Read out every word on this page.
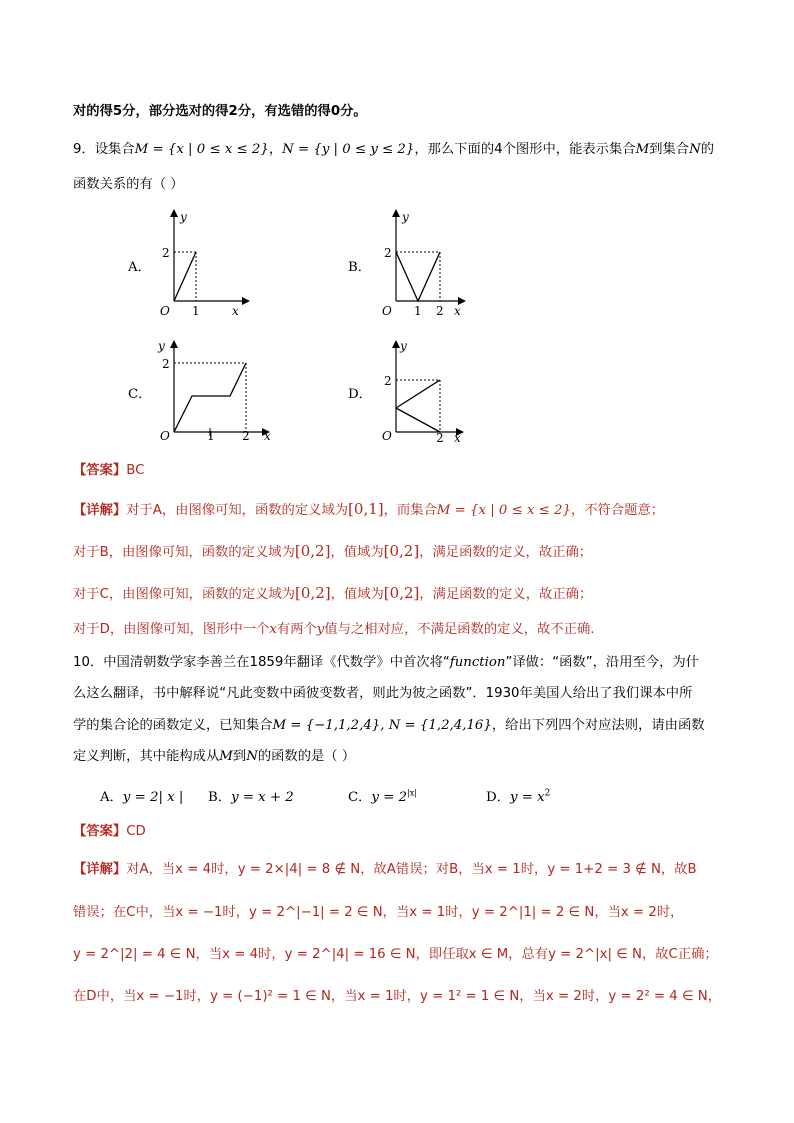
对的得5分，部分选对的得2分，有选错的得0分。
9．设集合M = {x | 0 ≤ x ≤ 2}，N = {y | 0 ≤ y ≤ 2}，那么下面的4个图形中，能表示集合M到集合N的
函数关系的有（ ）
A．
y
2
O 1	x
B．
y
2
O 1 2 x
C．
y
2
O	1 2 x
D．
y
2
O	2 x
【答案】BC
【详解】对于A，由图像可知，函数的定义域为[0,1]，而集合M = {x | 0 ≤ x ≤ 2}，不符合题意；
对于B，由图像可知，函数的定义域为[0,2]，值域为[0,2]，满足函数的定义，故正确；
对于C，由图像可知，函数的定义域为[0,2]，值域为[0,2]，满足函数的定义，故正确；
对于D，由图像可知，图形中一个x有两个y值与之相对应，不满足函数的定义，故不正确.
10．中国清朝数学家李善兰在1859年翻译《代数学》中首次将“function”译做：“函数”，沿用至今，为什
么这么翻译，书中解释说“凡此变数中函彼变数者，则此为彼之函数”．1930年美国人给出了我们课本中所
学的集合论的函数定义，已知集合M = {−1,1,2,4}, N = {1,2,4,16}，给出下列四个对应法则，请由函数
定义判断，其中能构成从M到N的函数的是（ ）
A．y = 2| x | B．y = x + 2	C．$y = 2^{|x|}$	D．$y = x^2$
【答案】CD
【详解】对A，当x = 4时，y = 2×|4| = 8 ∉ N，故A错误；对B，当x = 1时，y = 1+2 = 3 ∉ N，故B
错误；在C中，当x = −1时，y = 2^|−1| = 2 ∈ N，当x = 1时，y = 2^|1| = 2 ∈ N，当x = 2时，
y = 2^|2| = 4 ∈ N，当x = 4时，y = 2^|4| = 16 ∈ N，即任取x ∈ M，总有y = 2^|x| ∈ N，故C正确；
在D中，当x = −1时，y = (−1)² = 1 ∈ N，当x = 1时，y = 1² = 1 ∈ N，当x = 2时，y = 2² = 4 ∈ N，
